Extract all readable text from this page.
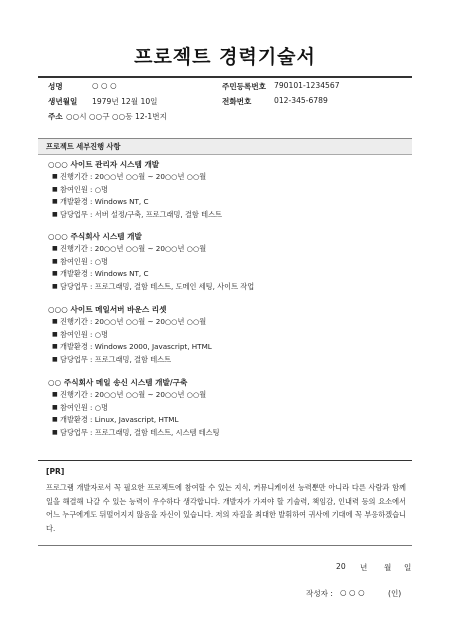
프로젝트 경력기술서
성명	○ ○ ○	주민등록번호 790101-1234567
생년월일 1979년 12월 10일	전화번호	012-345-6789
주소 ○○시 ○○구 ○○동 12-1번지
프로젝트 세부진행 사항
○○○ 사이트 관리자 시스템 개발
■ 진행기간 : 20○○년 ○○월 ~ 20○○년 ○○월
■ 참여인원 : ○명
■ 개발환경 : Windows NT, C
■ 담당업무 : 서버 설정/구축, 프로그래밍, 결함 테스트
○○○ 주식회사 시스템 개발
■ 진행기간 : 20○○년 ○○월 ~ 20○○년 ○○월
■ 참여인원 : ○명
■ 개발환경 : Windows NT, C
■ 담당업무 : 프로그래밍, 결함 테스트, 도메인 세팅, 사이트 작업
○○○ 사이트 메일서버 바운스 리셋
■ 진행기간 : 20○○년 ○○월 ~ 20○○년 ○○월
■ 참여인원 : ○명
■ 개발환경 : Windows 2000, Javascript, HTML
■ 담당업무 : 프로그래밍, 결함 테스트
○○ 주식회사 메일 송신 시스템 개발/구축
■ 진행기간 : 20○○년 ○○월 ~ 20○○년 ○○월
■ 참여인원 : ○명
■ 개발환경 : Linux, Javascript, HTML
■ 담당업무 : 프로그래밍, 결함 테스트, 시스템 테스팅
[PR]
프로그램 개발자로서 꼭 필요한 프로젝트에 참여할 수 있는 지식, 커뮤니케이션 능력뿐만 아니라 다른 사람과 함께 일을 해결해 나갈 수 있는 능력이 우수하다 생각합니다. 개발자가 가져야 할 기술력, 책임감, 인내력 등의 요소에서 어느 누구에게도 뒤떨어지지 않음을 자신이 있습니다. 저의 자질을 최대한 발휘하여 귀사에 기대에 꼭 부응하겠습니다.
20 년 월 일
작성자 : ○ ○ ○	(인)
